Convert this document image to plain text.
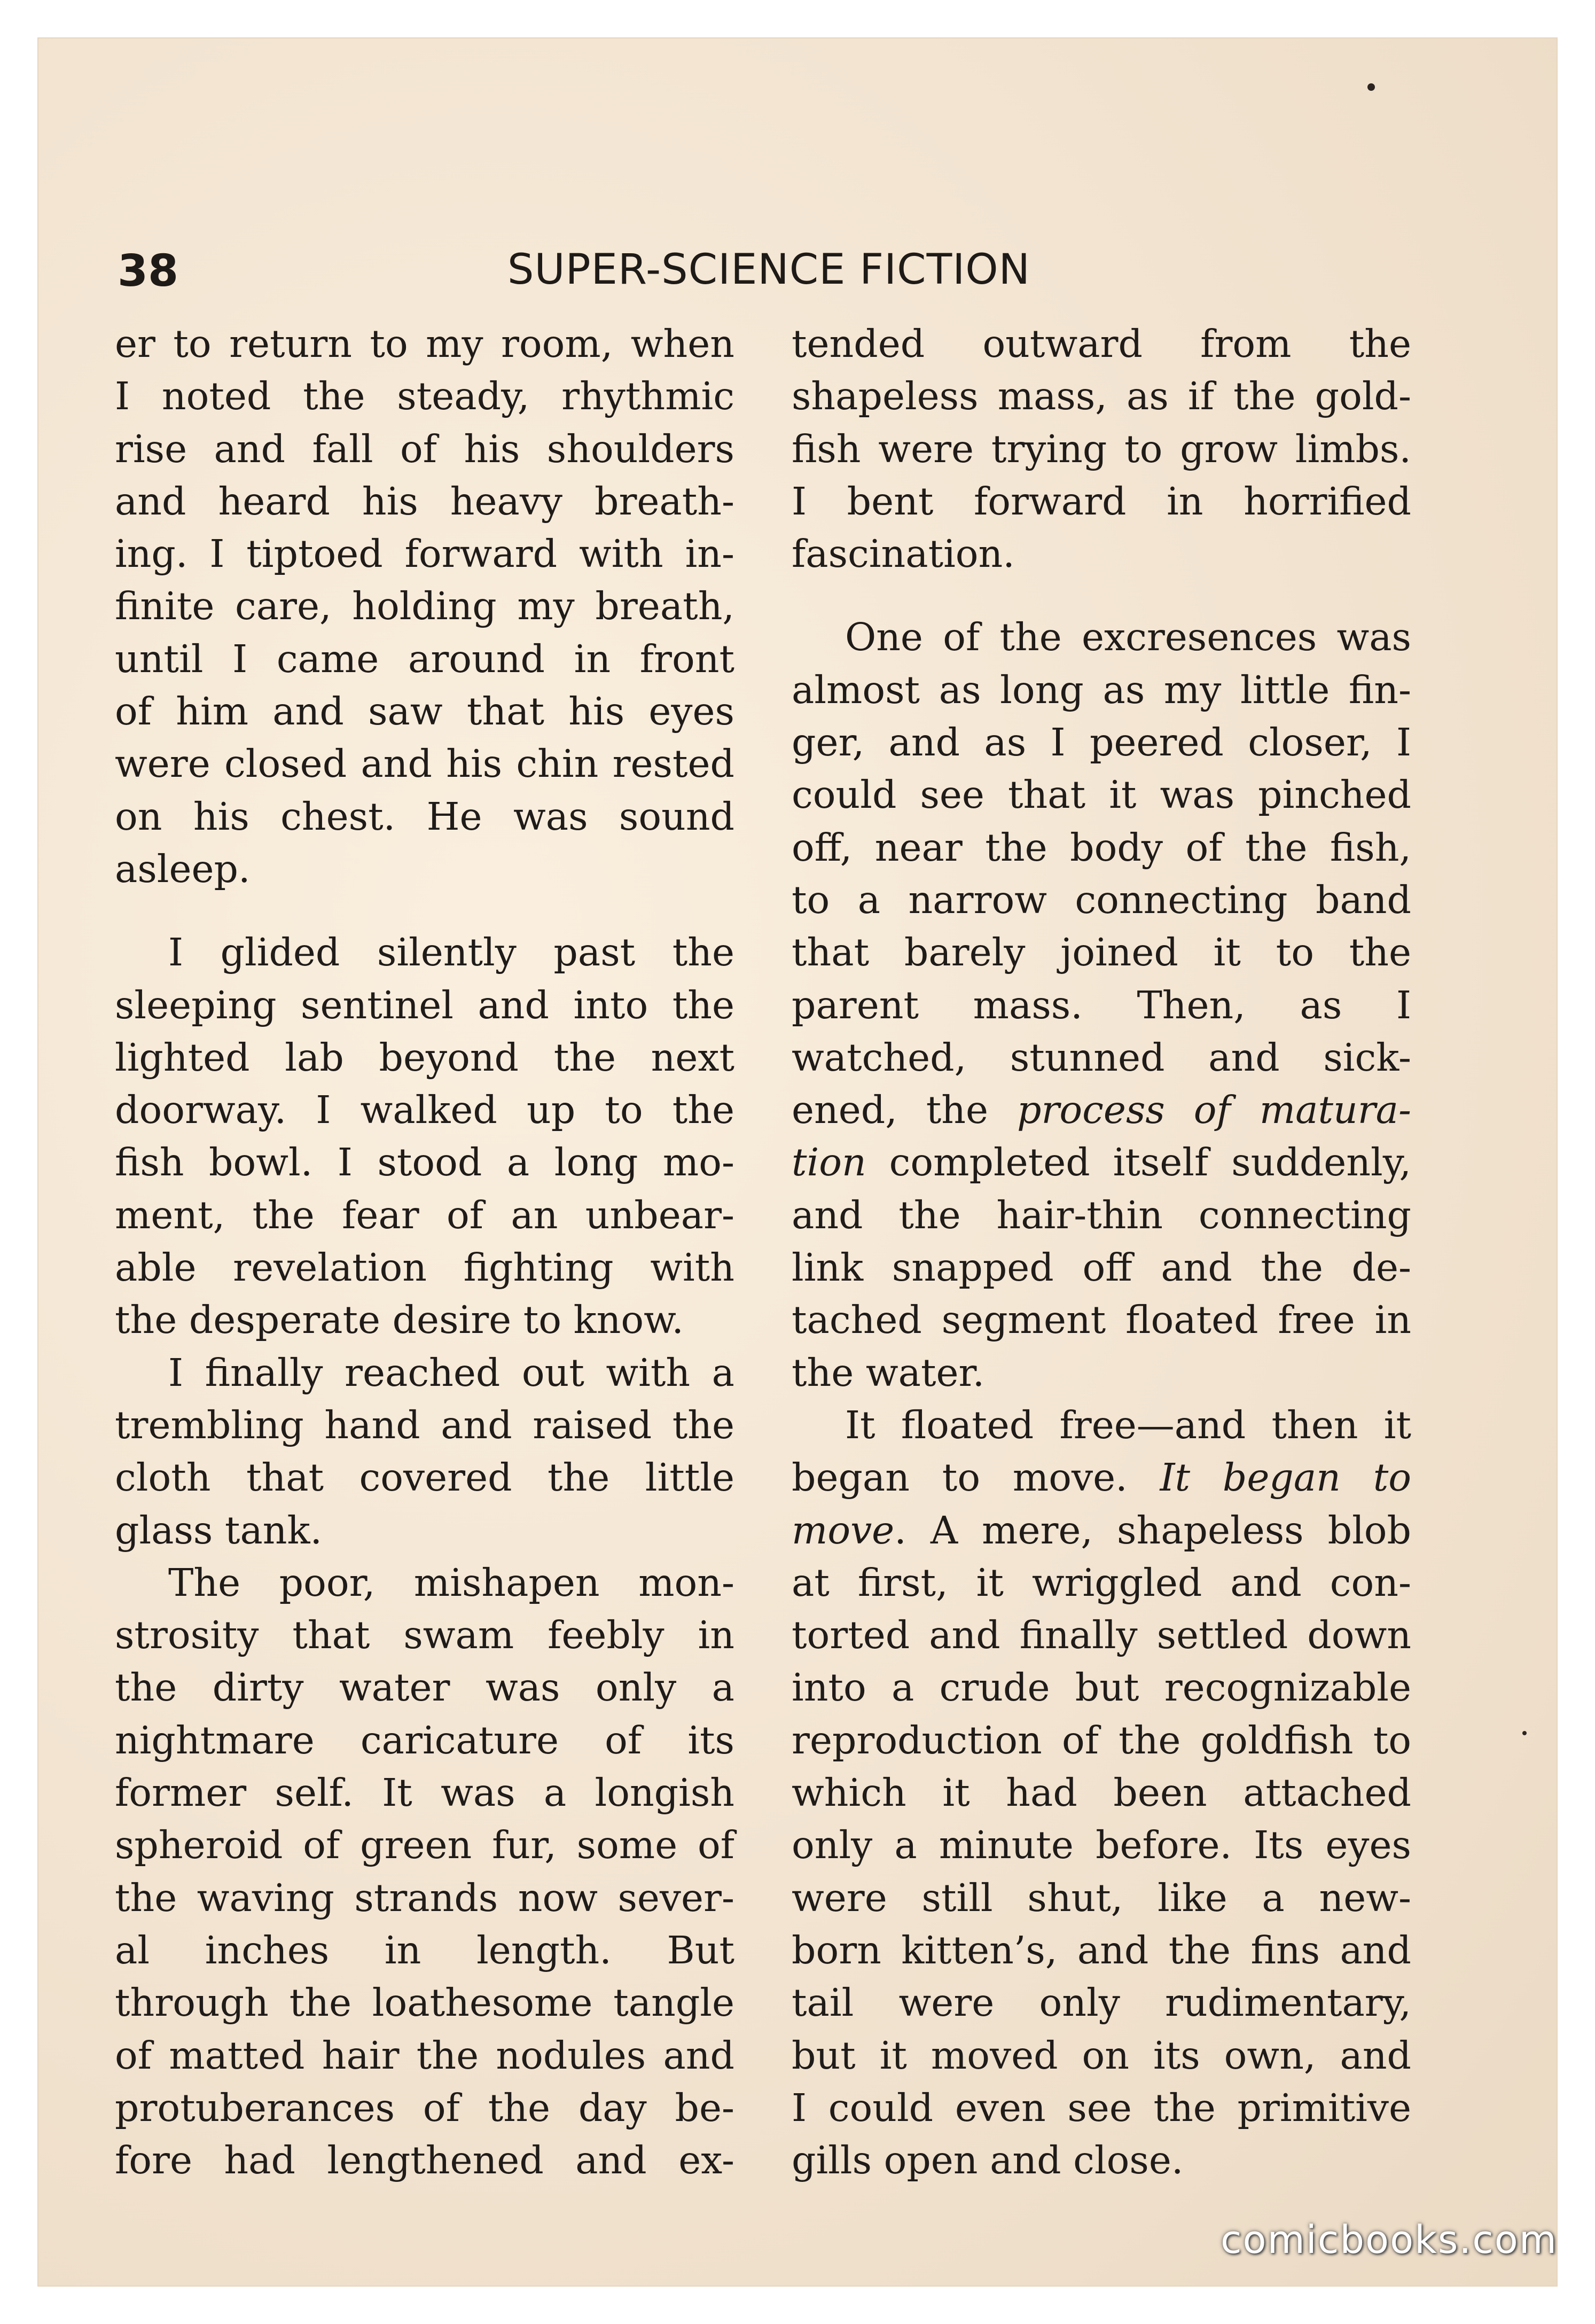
38	SUPER-SCIENCE FICTION
er to return to my room, when
I noted the steady, rhythmic
rise and fall of his shoulders
and heard his heavy breath-
ing. I tiptoed forward with in-
finite care, holding my breath,
until I came around in front
of him and saw that his eyes
were closed and his chin rested
on his chest. He was sound
asleep.
I glided silently past the
sleeping sentinel and into the
lighted lab beyond the next
doorway. I walked up to the
fish bowl. I stood a long mo-
ment, the fear of an unbear-
able revelation fighting with
the desperate desire to know.
I finally reached out with a
trembling hand and raised the
cloth that covered the little
glass tank.
The poor, mishapen mon-
strosity that swam feebly in
the dirty water was only a
nightmare caricature of its
former self. It was a longish
spheroid of green fur, some of
the waving strands now sever-
al inches in length. But
through the loathesome tangle
of matted hair the nodules and
protuberances of the day be-
fore had lengthened and ex-
tended outward from the
shapeless mass, as if the gold-
fish were trying to grow limbs.
I bent forward in horrified
fascination.
One of the excresences was
almost as long as my little fin-
ger, and as I peered closer, I
could see that it was pinched
off, near the body of the fish,
to a narrow connecting band
that barely joined it to the
parent mass. Then, as I
watched, stunned and sick-
ened, the process of matura-
tion completed itself suddenly,
and the hair-thin connecting
link snapped off and the de-
tached segment floated free in
the water.
It floated free—and then it
began to move. It began to
move. A mere, shapeless blob
at first, it wriggled and con-
torted and finally settled down
into a crude but recognizable
reproduction of the goldfish to
which it had been attached
only a minute before. Its eyes
were still shut, like a new-
born kitten’s, and the fins and
tail were only rudimentary,
but it moved on its own, and
I could even see the primitive
gills open and close.
comicbooks.com
